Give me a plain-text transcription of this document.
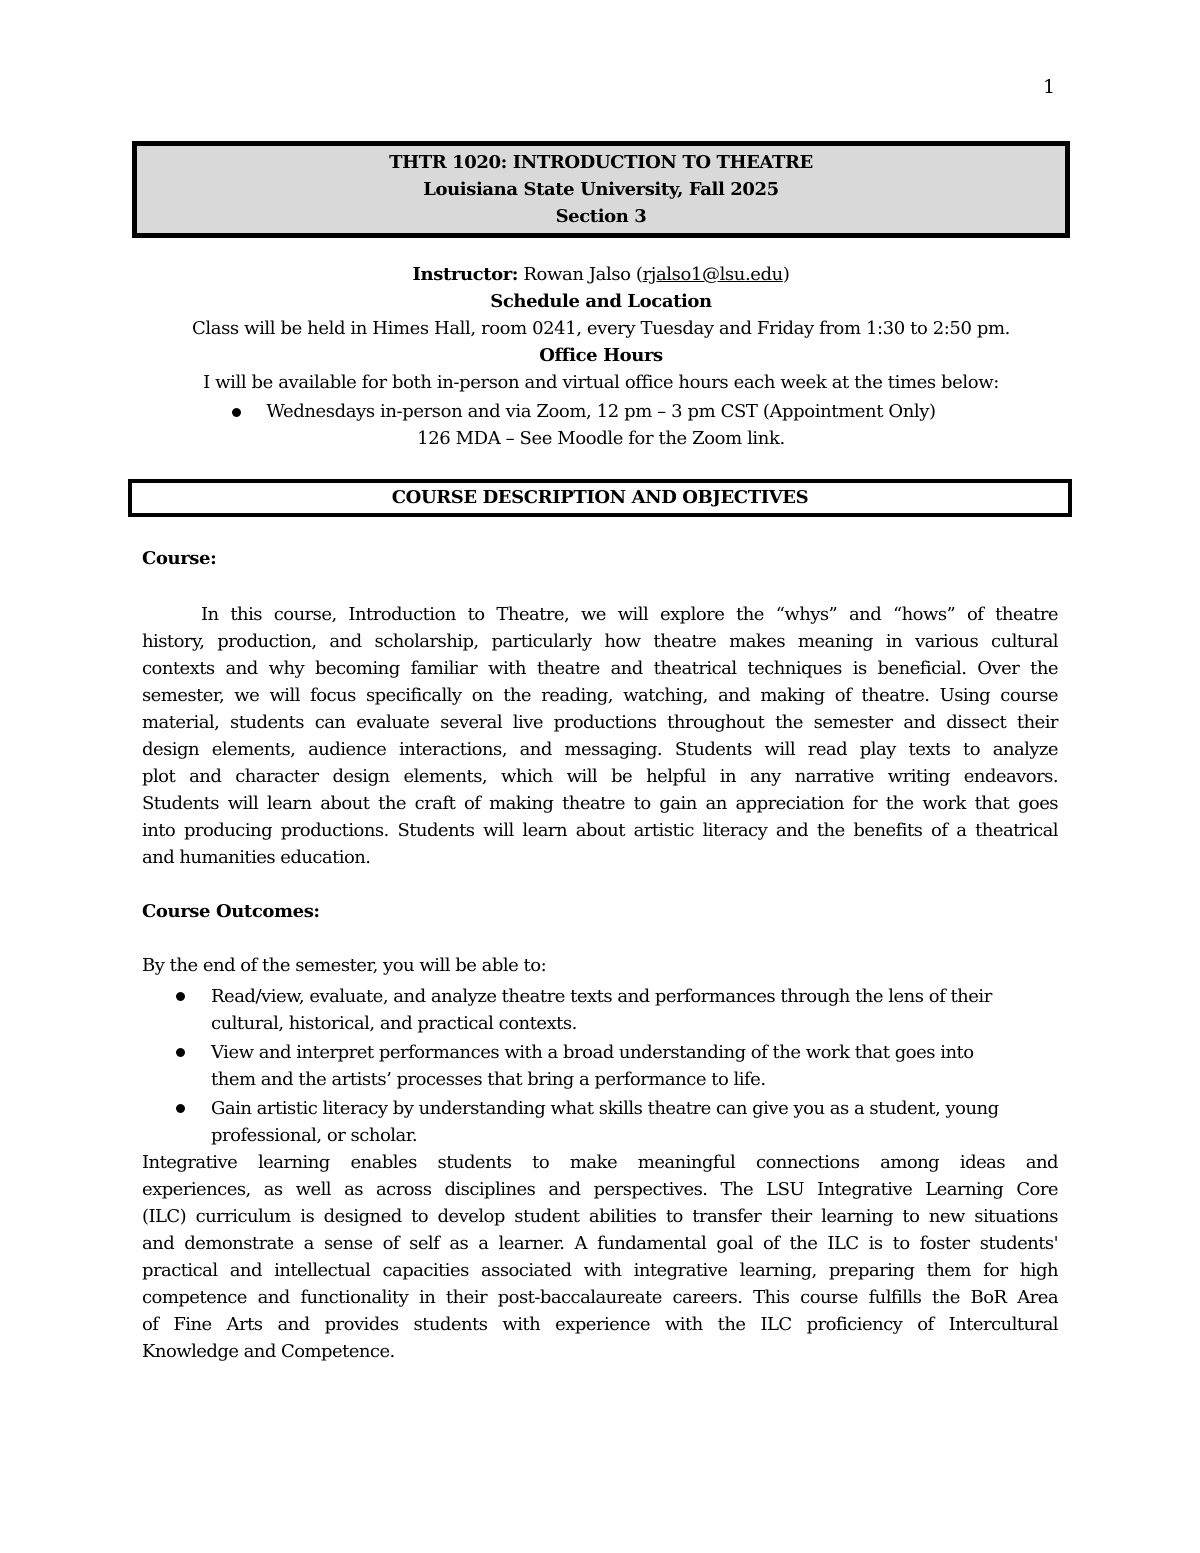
1
THTR 1020: INTRODUCTION TO THEATRE
Louisiana State University, Fall 2025
Section 3
Instructor: Rowan Jalso (rjalso1@lsu.edu)
Schedule and Location
Class will be held in Himes Hall, room 0241, every Tuesday and Friday from 1:30 to 2:50 pm.
Office Hours
I will be available for both in-person and virtual office hours each week at the times below:
Wednesdays in-person and via Zoom, 12 pm – 3 pm CST (Appointment Only)
126 MDA – See Moodle for the Zoom link.
COURSE DESCRIPTION AND OBJECTIVES
Course:
In this course, Introduction to Theatre, we will explore the “whys” and “hows” of theatre
history, production, and scholarship, particularly how theatre makes meaning in various cultural
contexts and why becoming familiar with theatre and theatrical techniques is beneficial. Over the
semester, we will focus specifically on the reading, watching, and making of theatre. Using course
material, students can evaluate several live productions throughout the semester and dissect their
design elements, audience interactions, and messaging. Students will read play texts to analyze
plot and character design elements, which will be helpful in any narrative writing endeavors.
Students will learn about the craft of making theatre to gain an appreciation for the work that goes
into producing productions. Students will learn about artistic literacy and the benefits of a theatrical
and humanities education.
Course Outcomes:
By the end of the semester, you will be able to:
Read/view, evaluate, and analyze theatre texts and performances through the lens of their
cultural, historical, and practical contexts.
View and interpret performances with a broad understanding of the work that goes into
them and the artists’ processes that bring a performance to life.
Gain artistic literacy by understanding what skills theatre can give you as a student, young
professional, or scholar.
Integrative learning enables students to make meaningful connections among ideas and
experiences, as well as across disciplines and perspectives. The LSU Integrative Learning Core
(ILC) curriculum is designed to develop student abilities to transfer their learning to new situations
and demonstrate a sense of self as a learner. A fundamental goal of the ILC is to foster students'
practical and intellectual capacities associated with integrative learning, preparing them for high
competence and functionality in their post-baccalaureate careers. This course fulfills the BoR Area
of Fine Arts and provides students with experience with the ILC proficiency of Intercultural
Knowledge and Competence.
